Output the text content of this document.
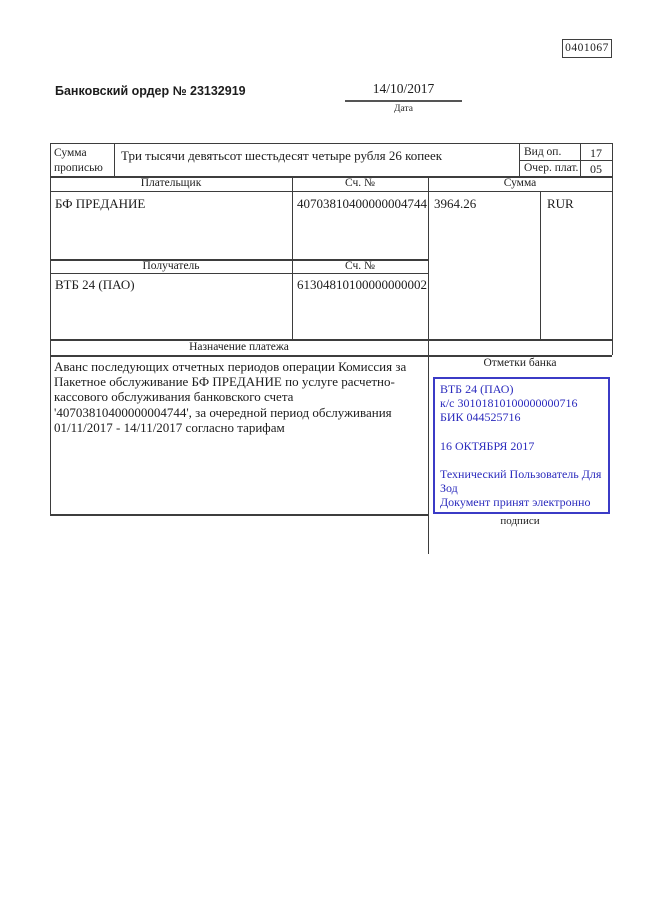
0401067
Банковский ордер № 23132919	14/10/2017
Дата
Сумма прописью
Три тысячи девятьсот шестьдесят четыре рубля 26 копеек	Вид оп.	17
Очер. плат. 05
Плательщик	Сч. №	Сумма
БФ ПРЕДАНИЕ	40703810400000004744 3964.26	RUR
Получатель	Сч. №
ВТБ 24 (ПАО)	61304810100000000002
Назначение платежа
Аванс последующих отчетных периодов операции Комиссия за
Пакетное обслуживание БФ ПРЕДАНИЕ по услуге расчетно-
кассового обслуживания банковского счета
'40703810400000004744', за очередной период обслуживания
01/11/2017 - 14/11/2017 согласно тарифам
Отметки банка
ВТБ 24 (ПАО)
к/с 30101810100000000716
БИК 044525716
16 ОКТЯБРЯ 2017
Технический Пользователь Для
Зод
Документ принят электронно
подписи
